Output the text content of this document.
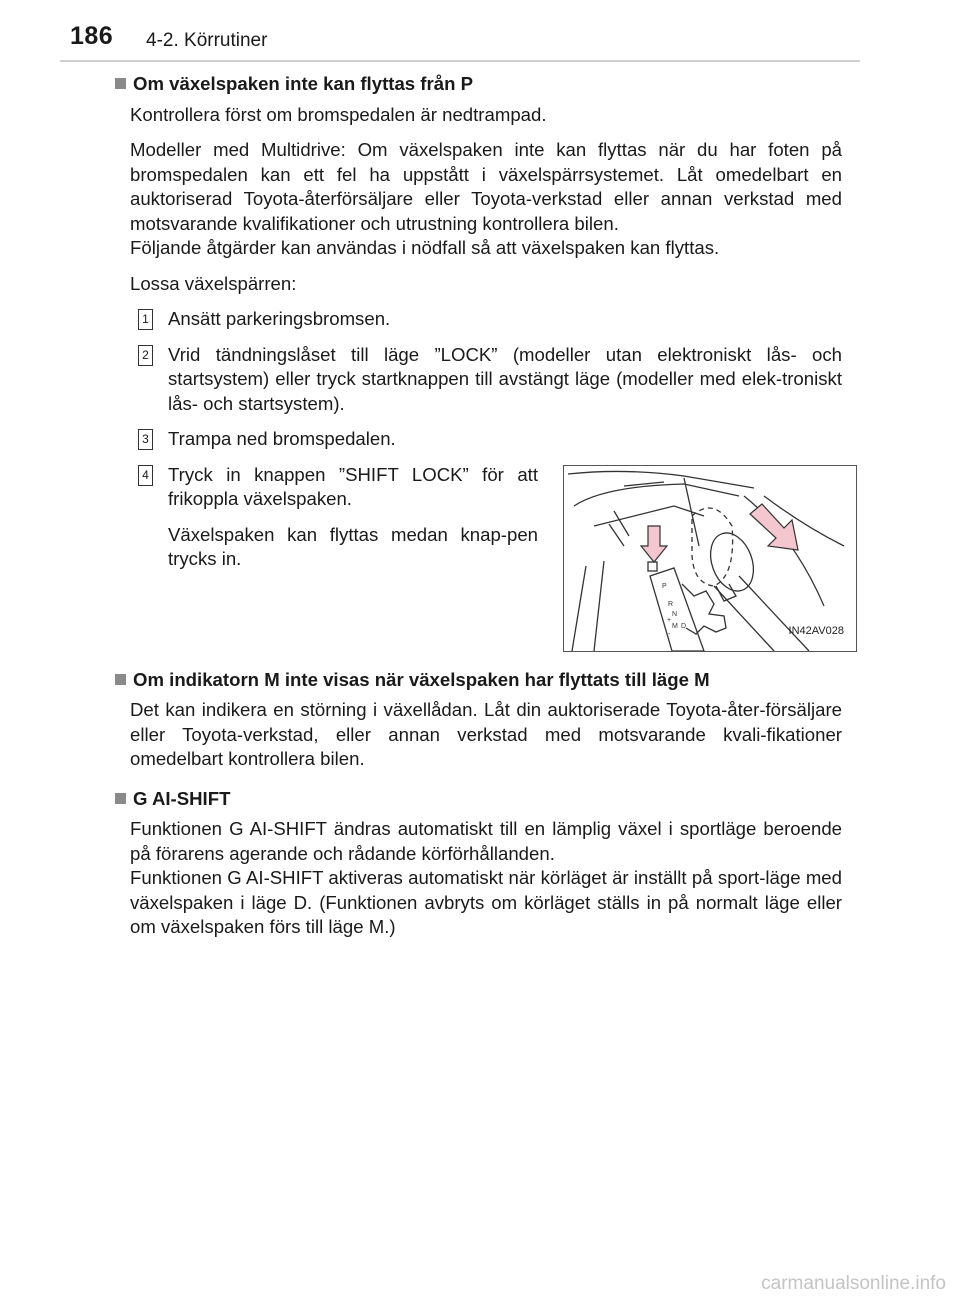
186 4-2. Körrutiner
Om växelspaken inte kan flyttas från P

Kontrollera först om bromspedalen är nedtrampad.

Modeller med Multidrive: Om växelspaken inte kan flyttas när du har foten på bromspedalen kan ett fel ha uppstått i växelspärrsystemet. Låt omedelbart en auktoriserad Toyota-återförsäljare eller Toyota-verkstad eller annan verkstad med motsvarande kvalifikationer och utrustning kontrollera bilen.

Följande åtgärder kan användas i nödfall så att växelspaken kan flyttas.

Lossa växelspärren:

1 Ansätt parkeringsbromsen.

2 Vrid tändningslåset till läge ”LOCK” (modeller utan elektroniskt lås- och startsystem) eller tryck startknappen till avstängt läge (modeller med elek-troniskt lås- och startsystem).

3 Trampa ned bromspedalen.

4 Tryck in knappen ”SHIFT LOCK” för att frikoppla växelspaken.

Växelspaken kan flyttas medan knap-pen trycks in.

P
R
N
D
M
+
-	IN42AV028
Om indikatorn M inte visas när växelspaken har flyttats till läge M

Det kan indikera en störning i växellådan. Låt din auktoriserade Toyota-åter-försäljare eller Toyota-verkstad, eller annan verkstad med motsvarande kvali-fikationer omedelbart kontrollera bilen.

G AI-SHIFT

Funktionen G AI-SHIFT ändras automatiskt till en lämplig växel i sportläge beroende på förarens agerande och rådande körförhållanden.

Funktionen G AI-SHIFT aktiveras automatiskt när körläget är inställt på sport-läge med växelspaken i läge D. (Funktionen avbryts om körläget ställs in på normalt läge eller om växelspaken förs till läge M.)

carmanualsonline.info
